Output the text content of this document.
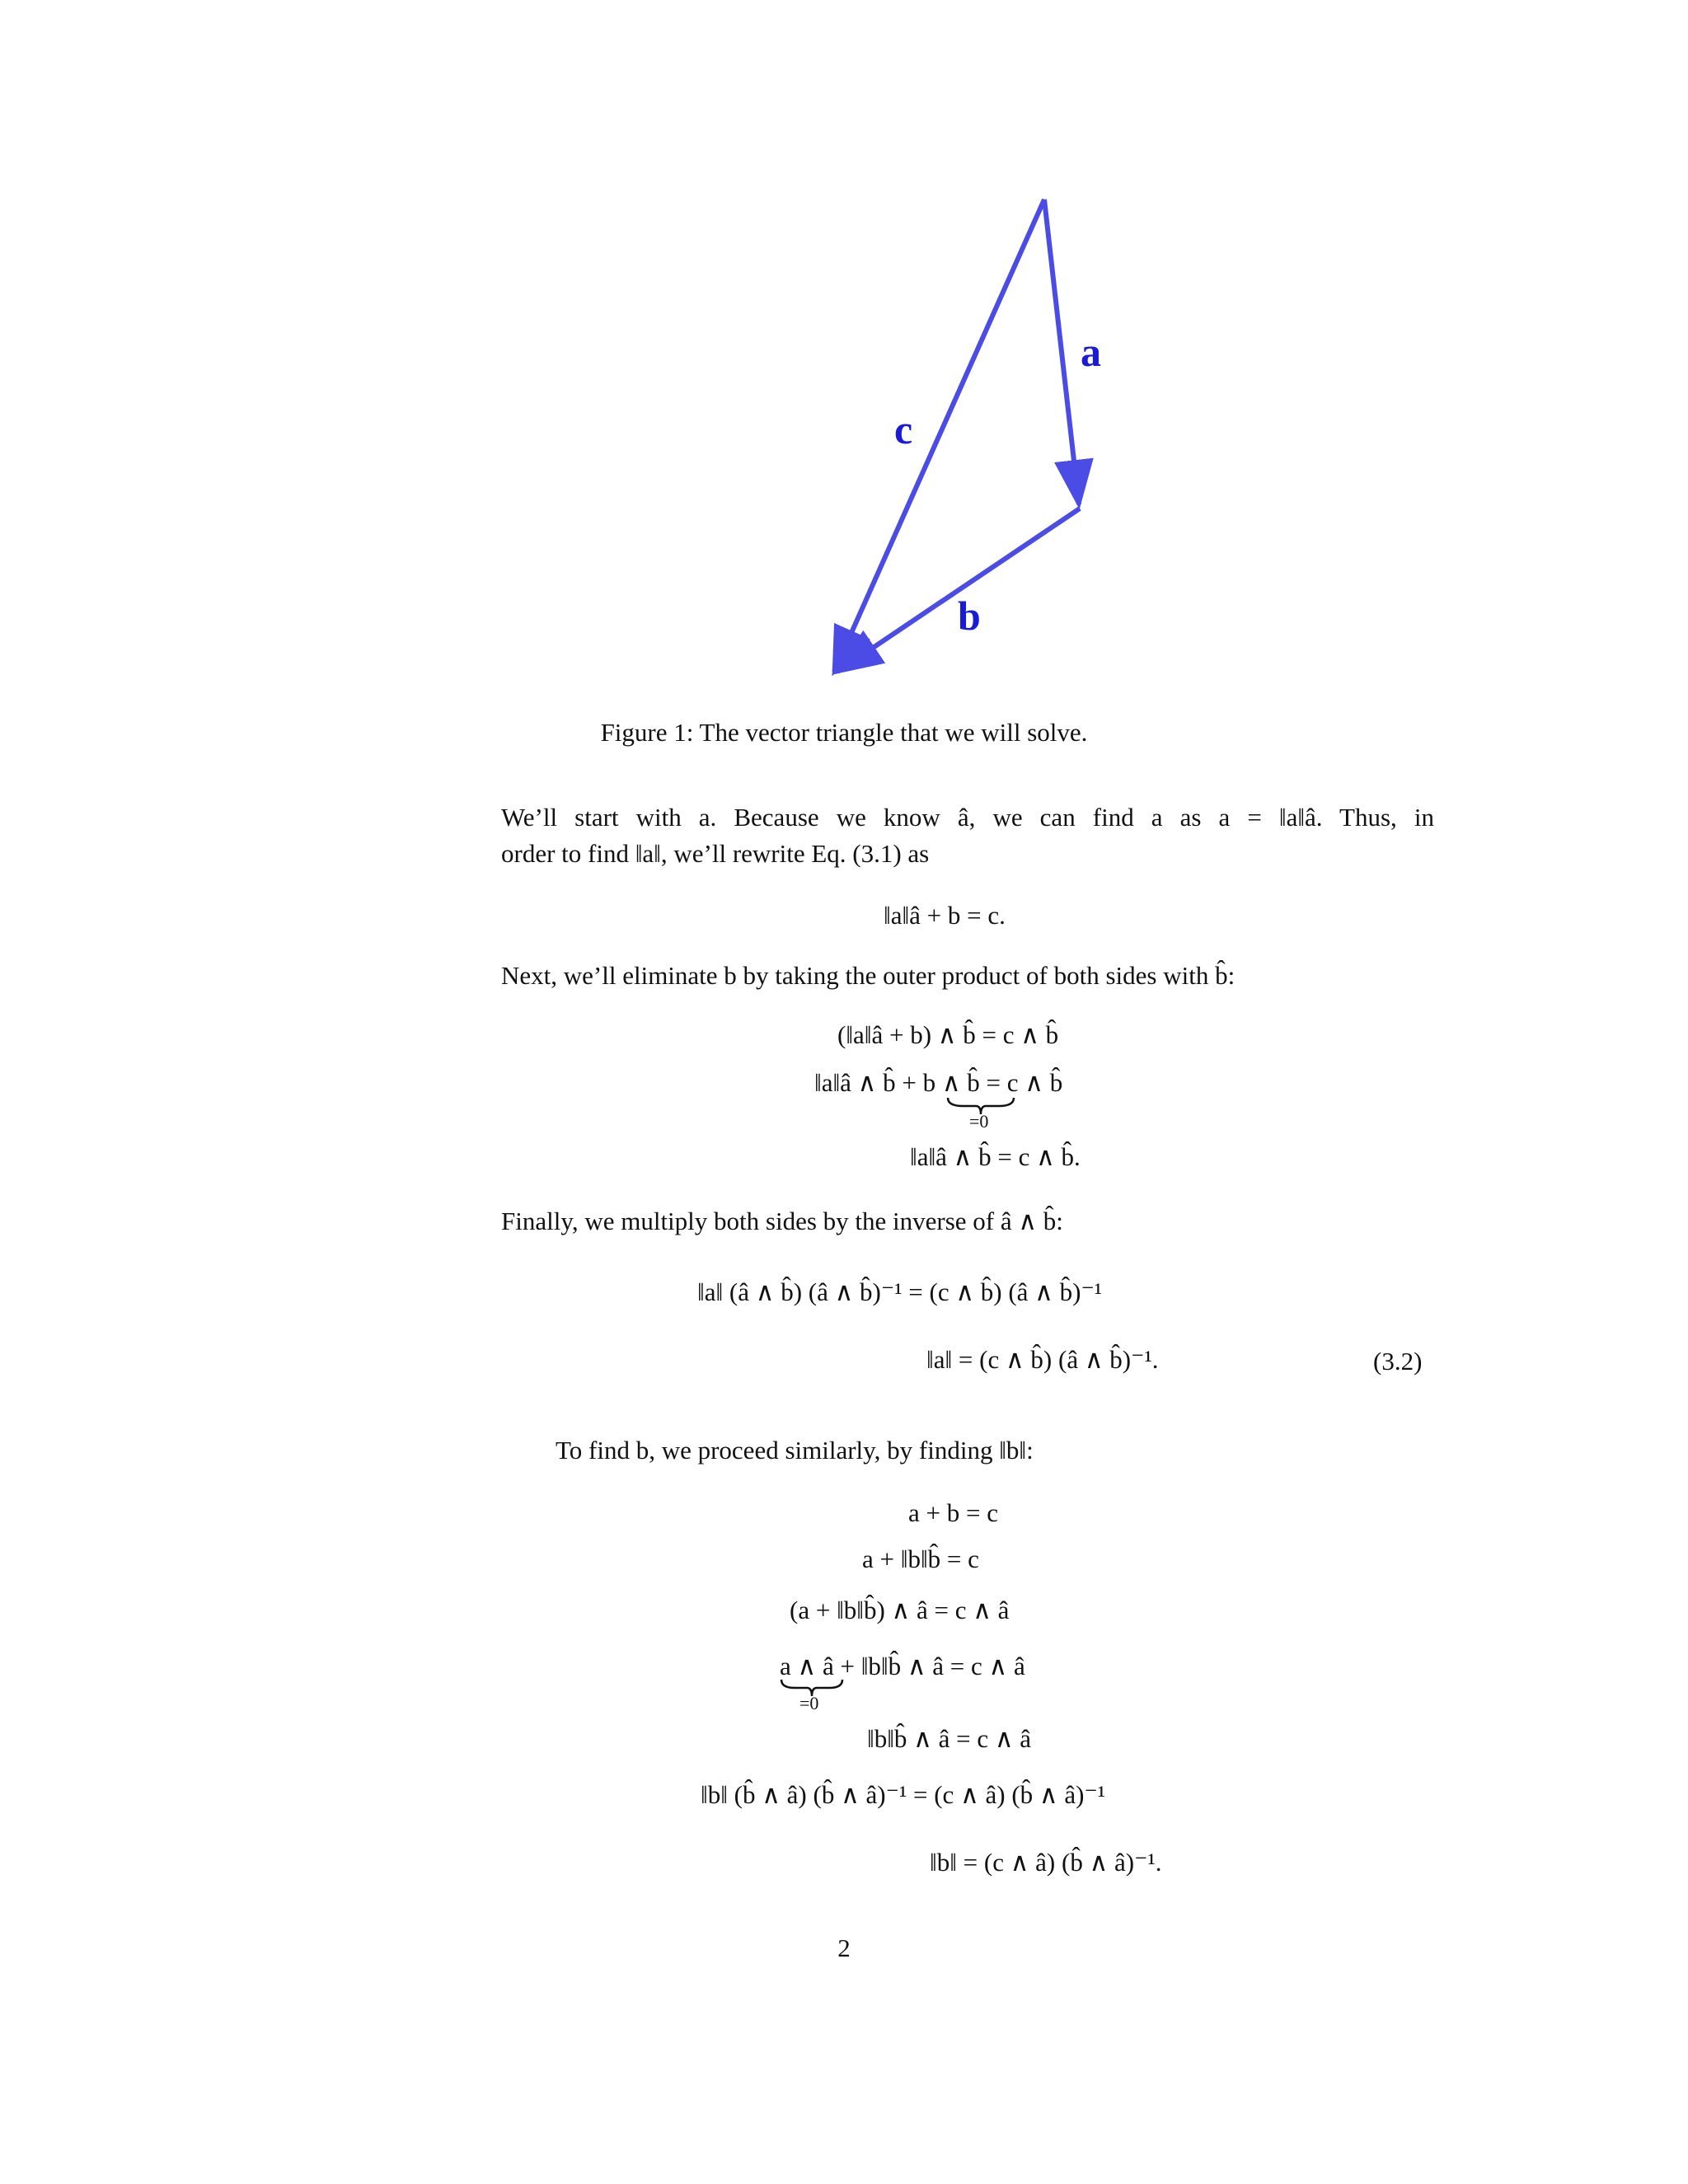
a
b
c
Figure 1: The vector triangle that we will solve.
We’ll start with a. Because we know â, we can find a as a = ‖a‖â. Thus, in
order to find ‖a‖, we’ll rewrite Eq. (3.1) as
‖a‖â + b = c.
Next, we’ll eliminate b by taking the outer product of both sides with b̂:
(‖a‖â + b) ∧ b̂ = c ∧ b̂
‖a‖â ∧ b̂ + b ∧ b̂ = c ∧ b̂
=0
‖a‖â ∧ b̂ = c ∧ b̂.
Finally, we multiply both sides by the inverse of â ∧ b̂:
‖a‖ (â ∧ b̂) (â ∧ b̂)⁻¹ = (c ∧ b̂) (â ∧ b̂)⁻¹
‖a‖ = (c ∧ b̂) (â ∧ b̂)⁻¹.	(3.2)
To find b, we proceed similarly, by finding ‖b‖:
a + b = c
a + ‖b‖b̂ = c
(a + ‖b‖b̂) ∧ â = c ∧ â
a ∧ â + ‖b‖b̂ ∧ â = c ∧ â
=0
‖b‖b̂ ∧ â = c ∧ â
‖b‖ (b̂ ∧ â) (b̂ ∧ â)⁻¹ = (c ∧ â) (b̂ ∧ â)⁻¹
‖b‖ = (c ∧ â) (b̂ ∧ â)⁻¹.
2
